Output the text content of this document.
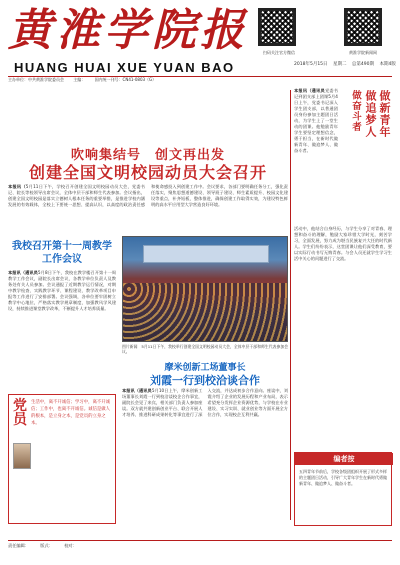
黄淮学院报
HUANG HUAI XUE YUAN BAO
扫码关注官方微信	黄淮学院新闻网
2018年5月15日 星期二 总第490期 本期4版
主办单位：中共黄淮学院委员会 主编： 国内统一刊号：CN41-0803（G）
吹响集结号　创文再出发
创建全国文明校园动员大会召开
本报讯（5月11日下午，学校召开创建全国文明校园动员大会，党委书记、院长等校领导出席会议，全体中层干部和师生代表参加。会议指出，创建全国文明校园是落实立德树人根本任务的重要举措，是推进学校内涵发展的有效载体，全校上下要统一思想、提高认识，以高度的政治责任感和使命感投入到创建工作中。会议要求，各部门要明确任务分工，强化责任落实，聚焦思想道德建设、领导班子建设、师生素质提升、校园文化建设等重点，补齐短板，整体推进，确保创建工作取得实效，为建设特色鲜明的高水平应用型大学营造良好环境。
我校召开第十一周教学工作会议
本报讯（通讯员5月8日下午，我校在教学楼召开第十一周教学工作会议，副院长出席会议，各教学单位负责人及教务处有关人员参加。会议通报了近期教学运行情况，对期中教学检查、实践教学环节、课程建设、教学改革项目申报等工作进行了安排部署。会议强调，各单位要牢固树立教学中心地位，严格落实教学规章制度，加强教风学风建设，持续推进课堂教学改革，不断提升人才培养质量。
图片新闻　5月11日下午，我校举行创建全国文明校园动员大会，全体中层干部和师生代表参加会议。
摩米创新工场董事长
刘霞一行到校洽谈合作
本报讯（通讯员5月10日上午，摩米创新工场董事长刘霞一行到校洽谈校企合作事宜，副院长会见了来宾，相关部门负责人参加座谈。双方就共建创新创业平台、联合开展人才培养、推进科研成果转化等事宜进行了深入交流，并达成初步合作意向。座谈中，刘霞介绍了企业的发展历程和产业布局，表示希望充分发挥企业资源优势，与学校在专业建设、实习实训、就业创业等方面开展全方位合作，实现校企互利共赢。
党员
生活中，离不开诚信；学习中，离不开诚信；工作中，也离不开诚信。诚信是做人的根本，是立身之本，是党员的立身之本。
做新青年
做追梦人
做奋斗者
本报讯（通讯员党委书记到团支部上团课5月4日上午，党委书记深入学生团支部，以普通团员身份参加主题团日活动，为学生上了一堂生动的团课。他勉励青年学生要坚定理想信念，勇于担当，在新时代做新青年、做追梦人、做奋斗者。
活动中，他结合自身经历，与学生分享了对青春、理想和奋斗的理解，勉励大家珍惜大学时光，刻苦学习，全面发展，努力成为堪当民族复兴大任的时代新人。学生们纷纷表示，这堂团课让他们深受教育，要以实际行动书写无悔青春。与会人员还就学生学习生活中关心的问题进行了交流。
编者按
五四青年节前后，学校各级团组织开展了形式多样的主题团日活动，引导广大青年学生在新时代勇做新青年、做追梦人、做奋斗者。
责任编辑：	版式：	校对：
